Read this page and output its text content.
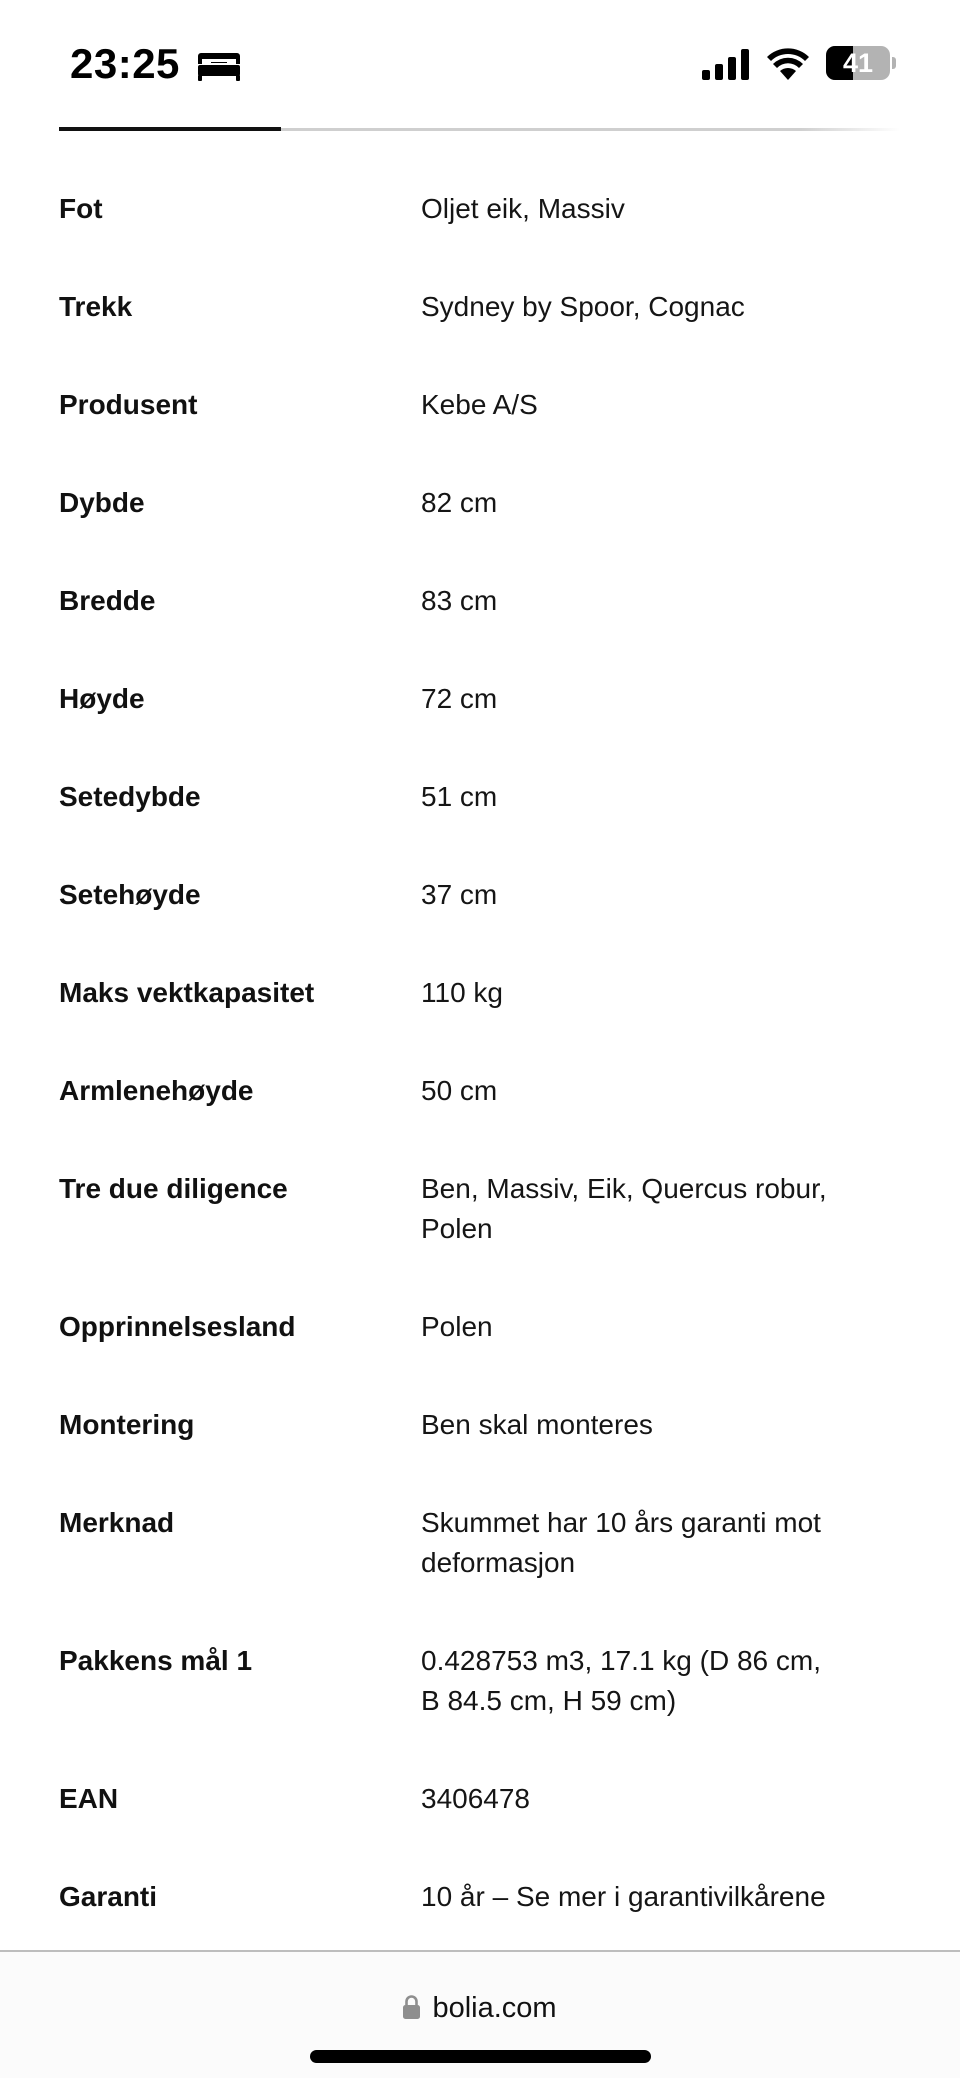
23:25	41
Fot	Oljet eik, Massiv
Trekk	Sydney by Spoor, Cognac
Produsent	Kebe A/S
Dybde	82 cm
Bredde	83 cm
Høyde	72 cm
Setedybde	51 cm
Setehøyde	37 cm
Maks vektkapasitet	110 kg
Armlenehøyde	50 cm
Tre due diligence	Ben, Massiv, Eik, Quercus robur, Polen
Opprinnelsesland	Polen
Montering	Ben skal monteres
Merknad	Skummet har 10 års garanti mot deformasjon
Pakkens mål 1	0.428753 m3, 17.1 kg (D 86 cm, B 84.5 cm, H 59 cm)
EAN	3406478
Garanti	10 år – Se mer i garantivilkårene
bolia.com
